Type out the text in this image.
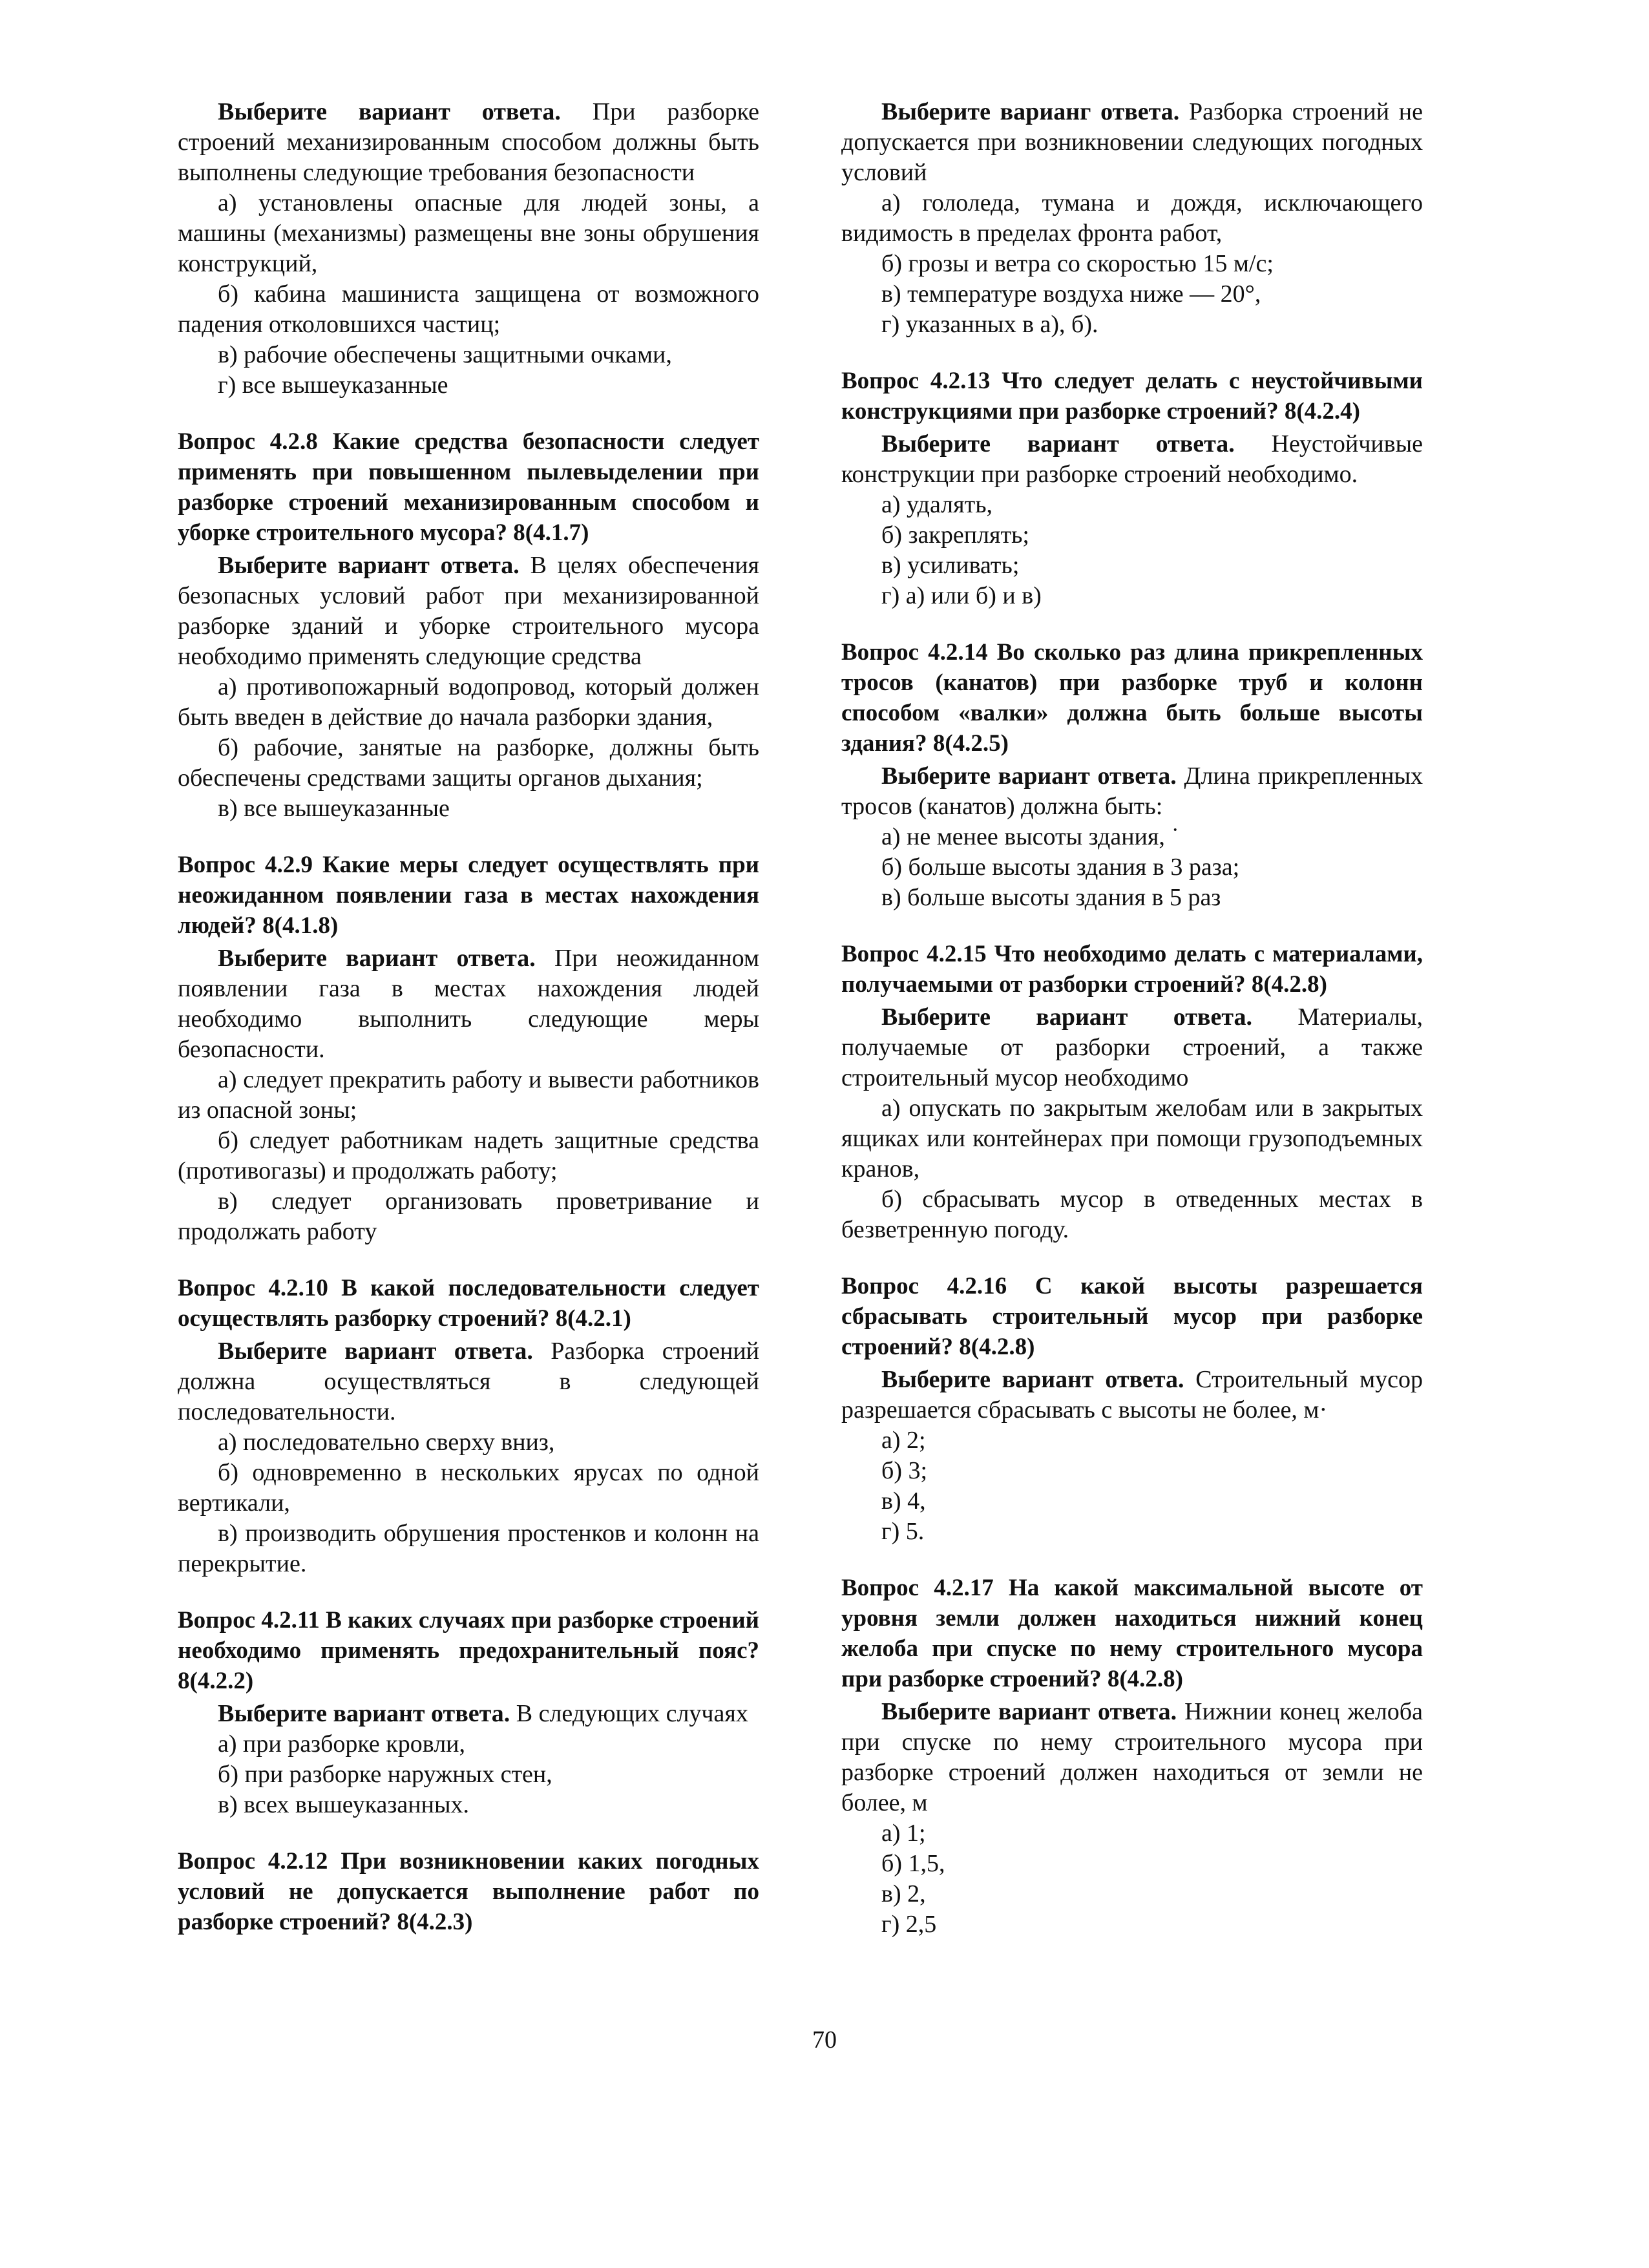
Выберите вариант ответа. При разборке строений механизированным способом должны быть выполнены следующие требования безопасности

а) установлены опасные для людей зоны, а машины (механизмы) размещены вне зоны обрушения конструкций,

б) кабина машиниста защищена от возможного падения отколовшихся частиц;

в) рабочие обеспечены защитными очками,

г) все вышеуказанные

Вопрос 4.2.8 Какие средства безопасности следует применять при повышенном пылевыделении при разборке строений механизированным способом и уборке строительного мусора? 8(4.1.7)

Выберите вариант ответа. В целях обеспечения безопасных условий работ при механизированной разборке зданий и уборке строительного мусора необходимо применять следующие средства

а) противопожарный водопровод, который должен быть введен в действие до начала разборки здания,

б) рабочие, занятые на разборке, должны быть обеспечены средствами защиты органов дыхания;

в) все вышеуказанные

Вопрос 4.2.9 Какие меры следует осуществлять при неожиданном появлении газа в местах нахождения людей? 8(4.1.8)

Выберите вариант ответа. При неожиданном появлении газа в местах нахождения людей необходимо выполнить следующие меры безопасности.

а) следует прекратить работу и вывести работников из опасной зоны;

б) следует работникам надеть защитные средства (противогазы) и продолжать работу;

в) следует организовать проветривание и продолжать работу

Вопрос 4.2.10 В какой последовательности следует осуществлять разборку строений? 8(4.2.1)

Выберите вариант ответа. Разборка строений должна осуществляться в следующей последовательности.

а) последовательно сверху вниз,

б) одновременно в нескольких ярусах по одной вертикали,

в) производить обрушения простенков и колонн на перекрытие.

Вопрос 4.2.11 В каких случаях при разборке строений необходимо применять предохранительный пояс? 8(4.2.2)

Выберите вариант ответа. В следующих случаях

а) при разборке кровли,

б) при разборке наружных стен,

в) всех вышеуказанных.

Вопрос 4.2.12 При возникновении каких погодных условий не допускается выполнение работ по разборке строений? 8(4.2.3)

Выберите варианг ответа. Разборка строений не допускается при возникновении следующих погодных условий

а) гололеда, тумана и дождя, исключающего видимость в пределах фронта работ,

б) грозы и ветра со скоростью 15 м/с;

в) температуре воздуха ниже — 20°,

г) указанных в а), б).

Вопрос 4.2.13 Что следует делать с неустойчивыми конструкциями при разборке строений? 8(4.2.4)

Выберите вариант ответа. Неустойчивые конструкции при разборке строений необходимо.

а) удалять,

б) закреплять;

в) усиливать;

г) а) или б) и в)

Вопрос 4.2.14 Во сколько раз длина прикрепленных тросов (канатов) при разборке труб и колонн способом «валки» должна быть больше высоты здания? 8(4.2.5)

Выберите вариант ответа. Длина прикрепленных тросов (канатов) должна быть:

а) не менее высоты здания, ˙

б) больше высоты здания в 3 раза;

в) больше высоты здания в 5 раз

Вопрос 4.2.15 Что необходимо делать с материалами, получаемыми от разборки строений? 8(4.2.8)

Выберите вариант ответа. Материалы, получаемые от разборки строений, а также строительный мусор необходимо

а) опускать по закрытым желобам или в закрытых ящиках или контейнерах при помощи грузоподъемных кранов,

б) сбрасывать мусор в отведенных местах в безветренную погоду.

Вопрос 4.2.16 С какой высоты разрешается сбрасывать строительный мусор при разборке строений? 8(4.2.8)

Выберите вариант ответа. Строительный мусор разрешается сбрасывать с высоты не более, м·

а) 2;

б) 3;

в) 4,

г) 5.

Вопрос 4.2.17 На какой максимальной высоте от уровня земли должен находиться нижний конец желоба при спуске по нему строительного мусора при разборке строений? 8(4.2.8)

Выберите вариант ответа. Нижнии конец желоба при спуске по нему строительного мусора при разборке строений должен находиться от земли не более, м

а) 1;

б) 1,5,

в) 2,

г) 2,5

70
